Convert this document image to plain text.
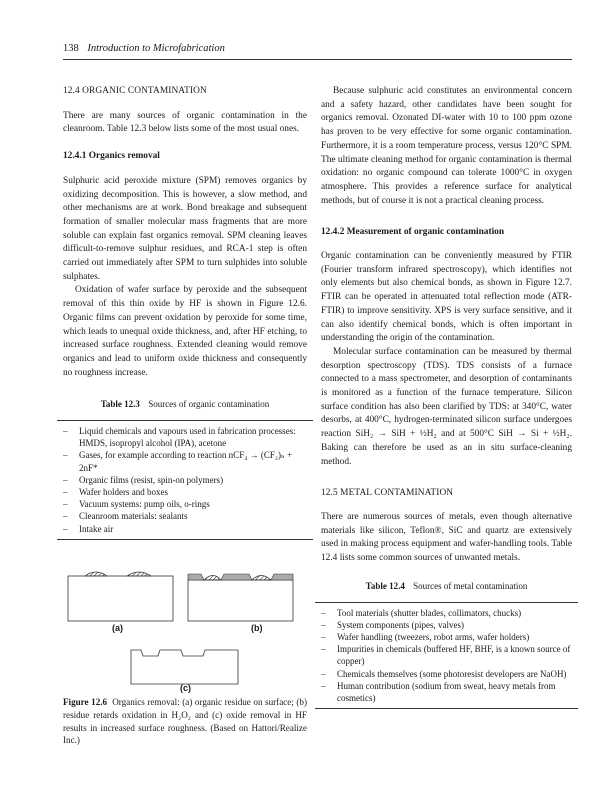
138 Introduction to Microfabrication
12.4 ORGANIC CONTAMINATION

There are many sources of organic contamination in the cleanroom. Table 12.3 below lists some of the most usual ones.

12.4.1 Organics removal

Sulphuric acid peroxide mixture (SPM) removes organics by oxidizing decomposition. This is however, a slow method, and other mechanisms are at work. Bond breakage and subsequent formation of smaller molecular mass fragments that are more soluble can explain fast organics removal. SPM cleaning leaves difficult-to-remove sulphur residues, and RCA-1 step is often carried out immediately after SPM to turn sulphides into soluble sulphates.

Oxidation of wafer surface by peroxide and the subsequent removal of this thin oxide by HF is shown in Figure 12.6. Organic films can prevent oxidation by peroxide for some time, which leads to unequal oxide thickness, and, after HF etching, to increased surface roughness. Extended cleaning would remove organics and lead to uniform oxide thickness and consequently no roughness increase.

Table 12.3 Sources of organic contamination
– Liquid chemicals and vapours used in fabrication processes: HMDS, isopropyl alcohol (IPA), acetone
– Gases, for example according to reaction nCF₄ → (CF₂)ₙ + 2nF*
– Organic films (resist, spin-on polymers)
– Wafer holders and boxes
– Vacuum systems: pump oils, o-rings
– Cleanroom materials: sealants
– Intake air
(a)	(b)
(c)
Figure 12.6 Organics removal: (a) organic residue on surface; (b) residue retards oxidation in H₂O₂ and (c) oxide removal in HF results in increased surface roughness. (Based on Hattori/Realize Inc.)

Because sulphuric acid constitutes an environmental concern and a safety hazard, other candidates have been sought for organics removal. Ozonated DI-water with 10 to 100 ppm ozone has proven to be very effective for some organic contamination. Furthermore, it is a room temperature process, versus 120°C SPM. The ultimate cleaning method for organic contamination is thermal oxidation: no organic compound can tolerate 1000°C in oxygen atmosphere. This provides a reference surface for analytical methods, but of course it is not a practical cleaning process.

12.4.2 Measurement of organic contamination

Organic contamination can be conveniently measured by FTIR (Fourier transform infrared spectroscopy), which identifies not only elements but also chemical bonds, as shown in Figure 12.7. FTIR can be operated in attenuated total reflection mode (ATR-FTIR) to improve sensitivity. XPS is very surface sensitive, and it can also identify chemical bonds, which is often important in understanding the origin of the contamination.

Molecular surface contamination can be measured by thermal desorption spectroscopy (TDS). TDS consists of a furnace connected to a mass spectrometer, and desorption of contaminants is monitored as a function of the furnace temperature. Silicon surface condition has also been clarified by TDS: at 340°C, water desorbs, at 400°C, hydrogen-terminated silicon surface undergoes reaction SiH₂ → SiH + ½H₂ and at 500°C SiH → Si + ½H₂. Baking can therefore be used as an in situ surface-cleaning method.

12.5 METAL CONTAMINATION

There are numerous sources of metals, even though alternative materials like silicon, Teflon®, SiC and quartz are extensively used in making process equipment and wafer-handling tools. Table 12.4 lists some common sources of unwanted metals.

Table 12.4 Sources of metal contamination
– Tool materials (shutter blades, collimators, chucks)
– System components (pipes, valves)
– Wafer handling (tweezers, robot arms, wafer holders)
– Impurities in chemicals (buffered HF, BHF, is a known source of copper)
– Chemicals themselves (some photoresist developers are NaOH)
– Human contribution (sodium from sweat, heavy metals from cosmetics)
